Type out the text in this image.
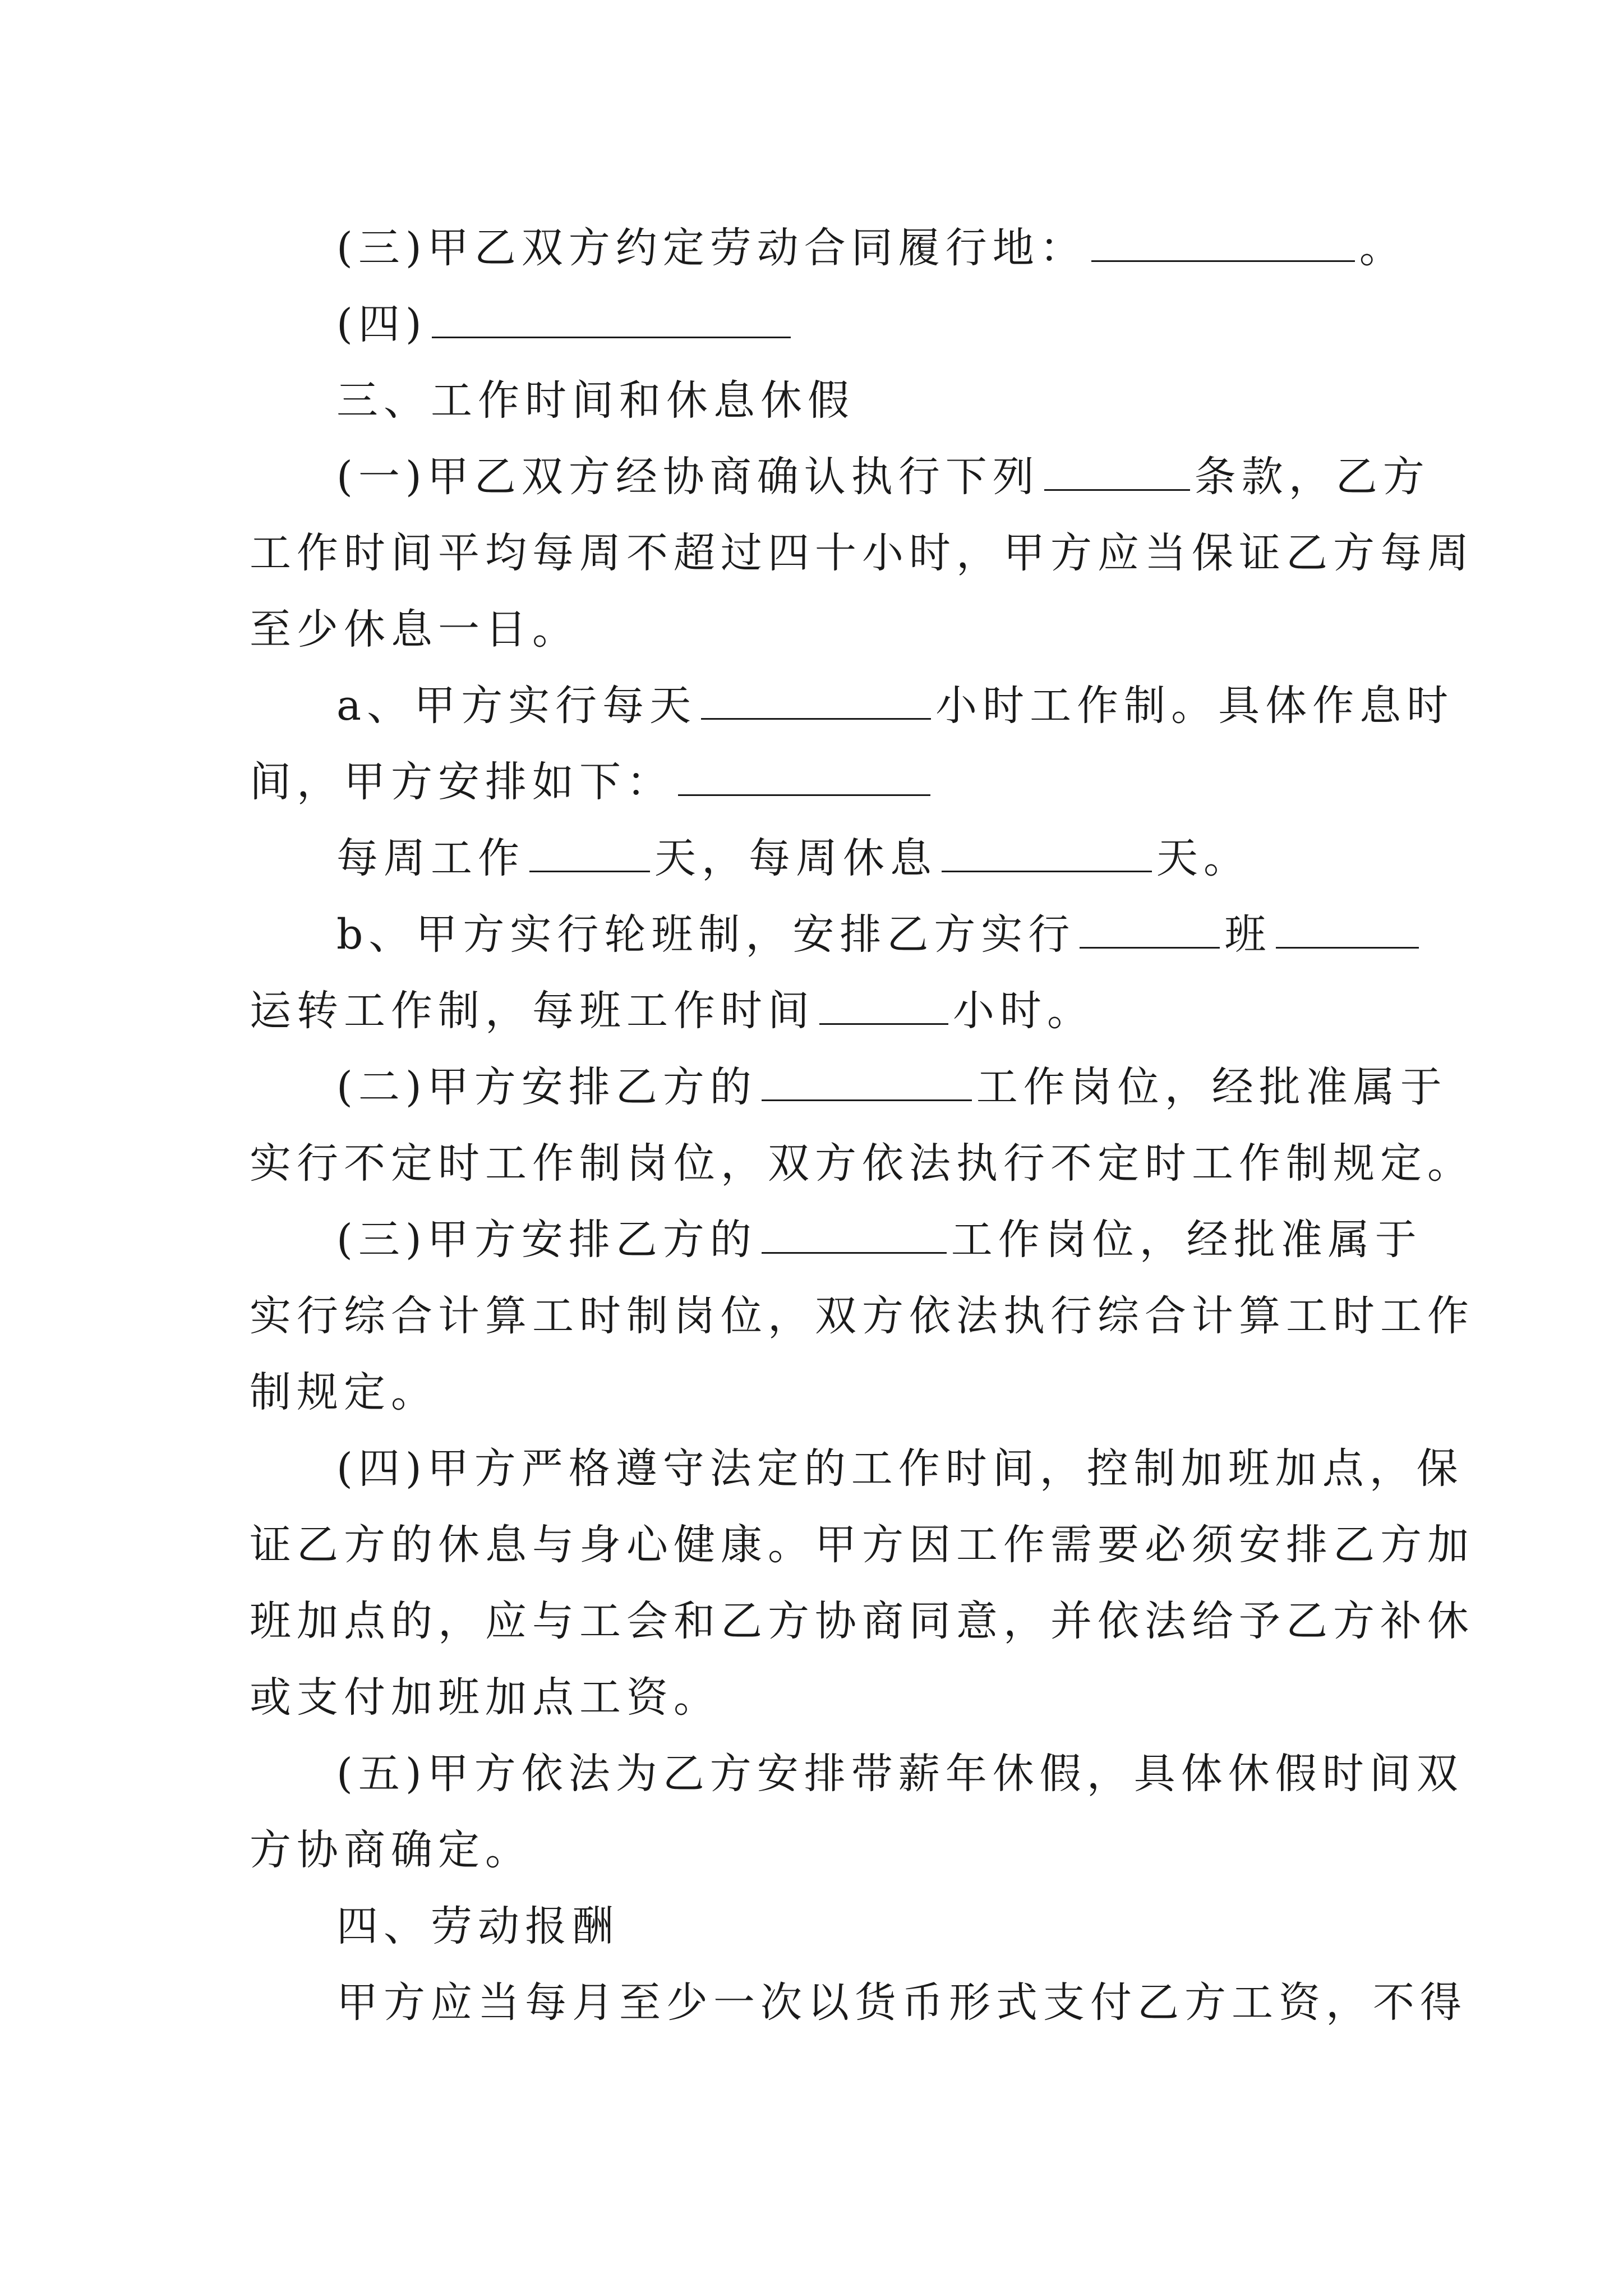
(三)甲乙双方约定劳动合同履行地：	。
(四)
三、工作时间和休息休假
(一)甲乙双方经协商确认执行下列	条款，乙方
工作时间平均每周不超过四十小时，甲方应当保证乙方每周
至少休息一日。
a、甲方实行每天	小时工作制。具体作息时
间，甲方安排如下：
每周工作	天，每周休息	天。
b、甲方实行轮班制，安排乙方实行	班
运转工作制，每班工作时间	小时。
(二)甲方安排乙方的	工作岗位，经批准属于
实行不定时工作制岗位，双方依法执行不定时工作制规定。
(三)甲方安排乙方的	工作岗位，经批准属于
实行综合计算工时制岗位，双方依法执行综合计算工时工作
制规定。
(四)甲方严格遵守法定的工作时间，控制加班加点，保
证乙方的休息与身心健康。甲方因工作需要必须安排乙方加
班加点的，应与工会和乙方协商同意，并依法给予乙方补休
或支付加班加点工资。
(五)甲方依法为乙方安排带薪年休假，具体休假时间双
方协商确定。
四、劳动报酬
甲方应当每月至少一次以货币形式支付乙方工资，不得
